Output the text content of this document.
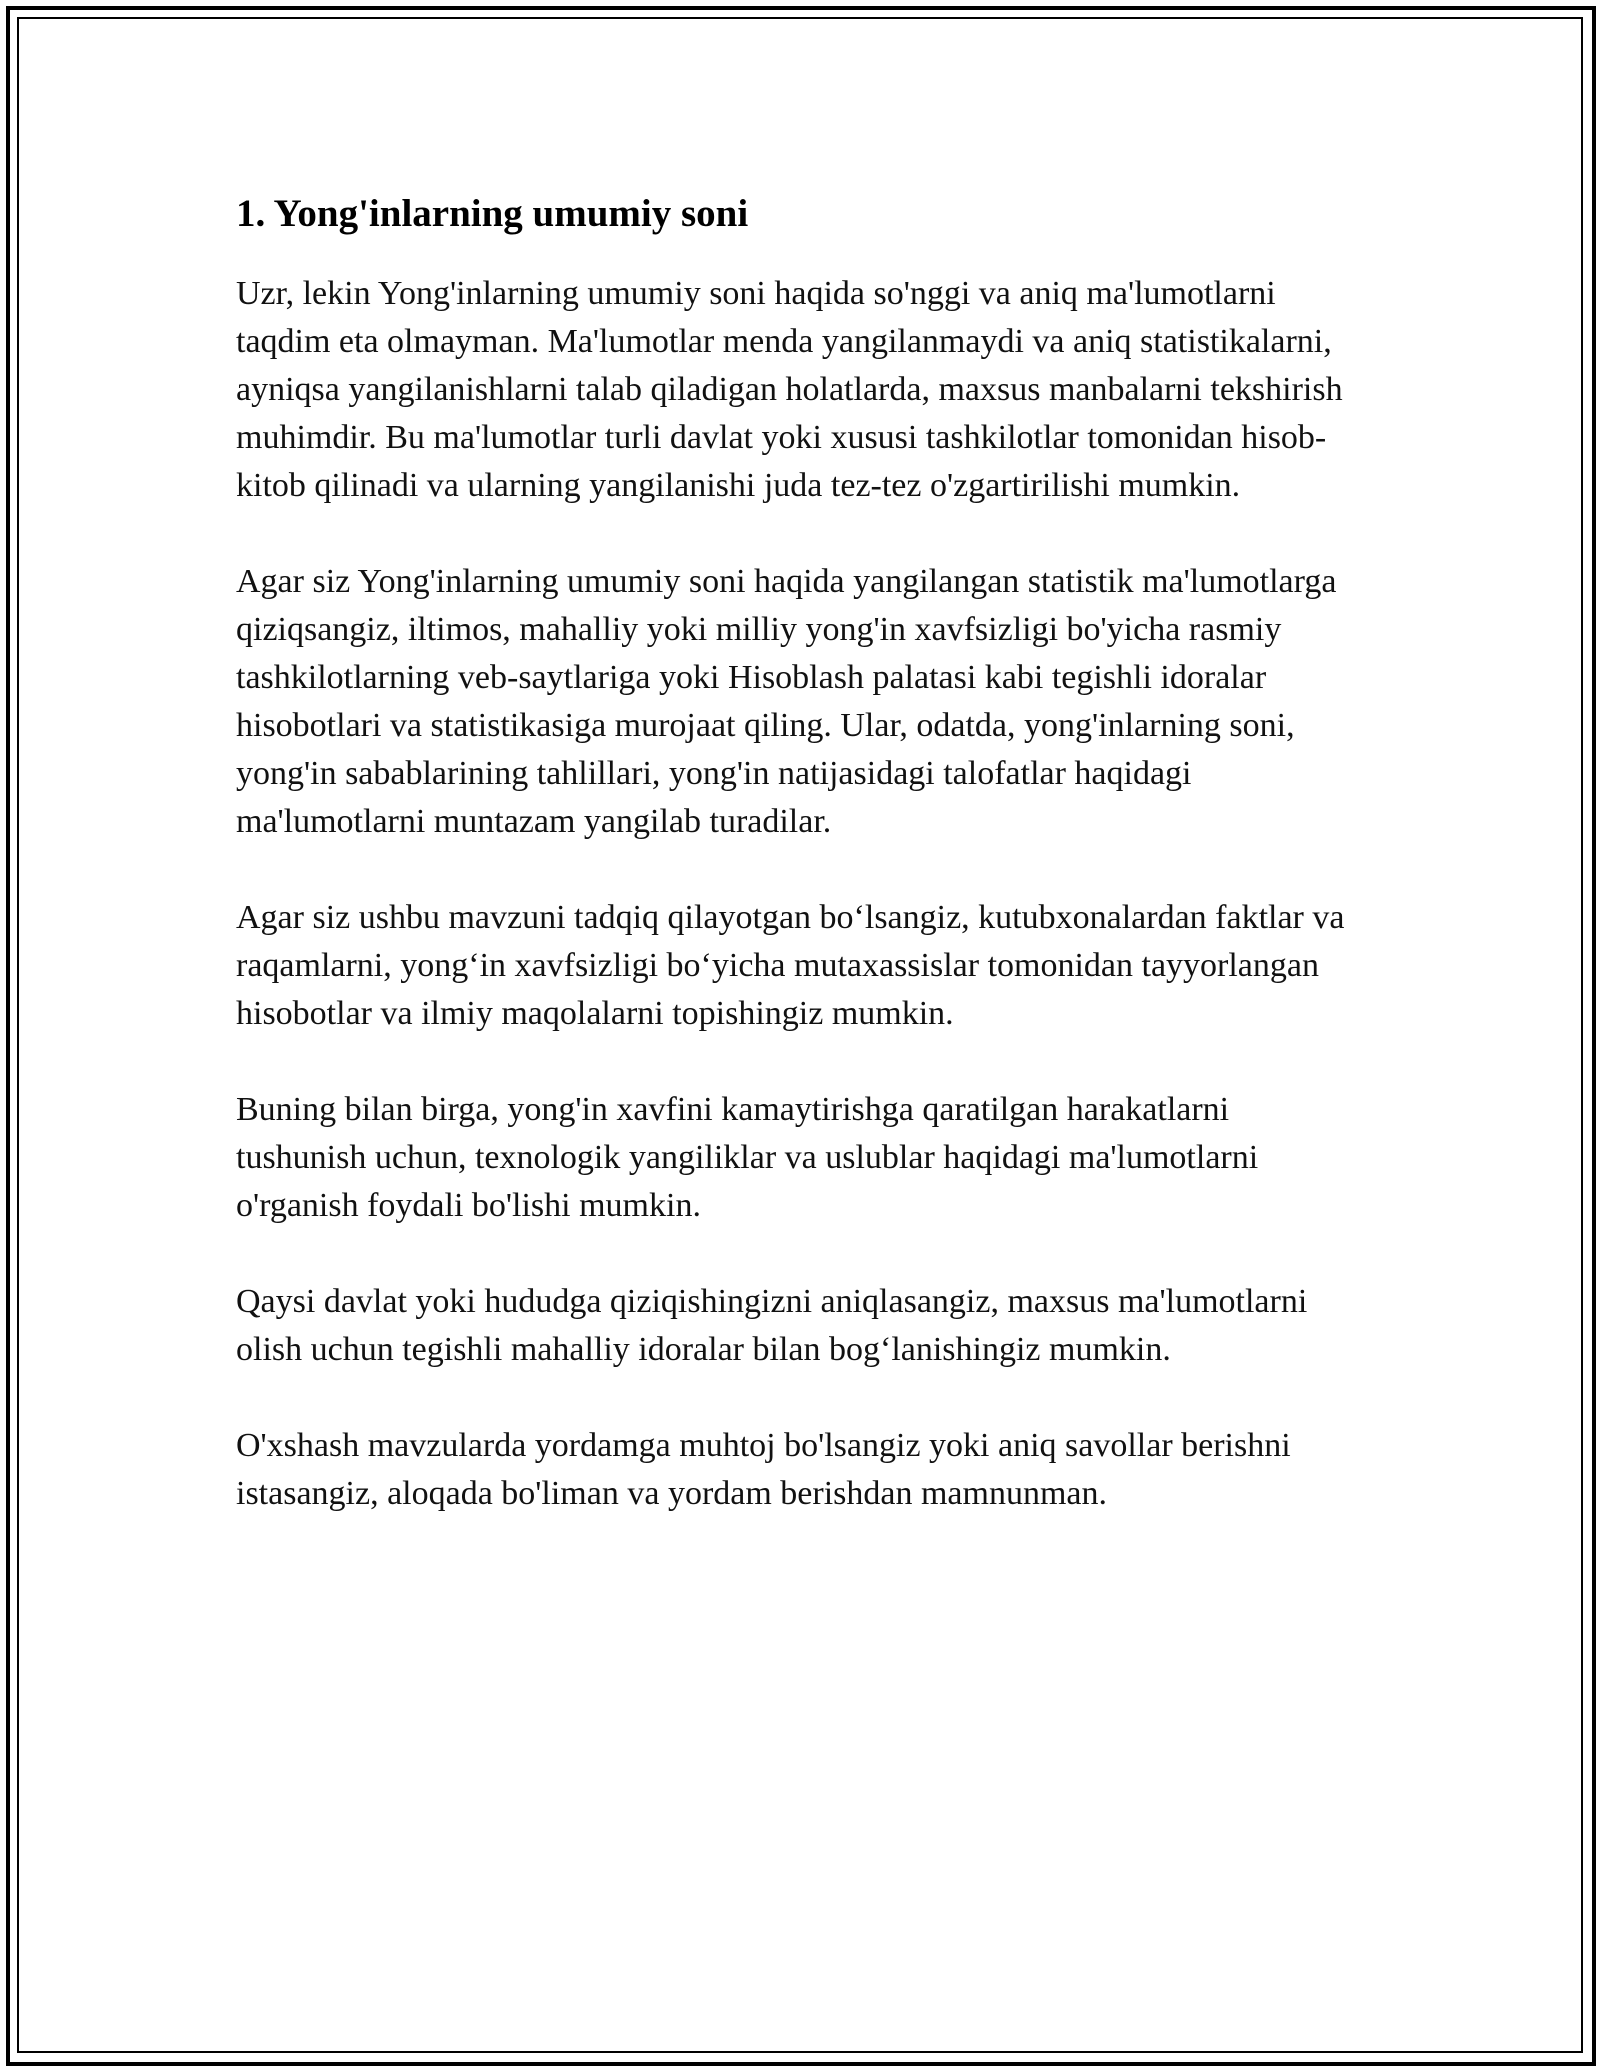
1. Yong'inlarning umumiy soni

Uzr, lekin Yong'inlarning umumiy soni haqida so'nggi va aniq ma'lumotlarni taqdim eta olmayman. Ma'lumotlar menda yangilanmaydi va aniq statistikalarni, ayniqsa yangilanishlarni talab qiladigan holatlarda, maxsus manbalarni tekshirish muhimdir. Bu ma'lumotlar turli davlat yoki xususi tashkilotlar tomonidan hisob-kitob qilinadi va ularning yangilanishi juda tez-tez o'zgartirilishi mumkin.

Agar siz Yong'inlarning umumiy soni haqida yangilangan statistik ma'lumotlarga qiziqsangiz, iltimos, mahalliy yoki milliy yong'in xavfsizligi bo'yicha rasmiy tashkilotlarning veb-saytlariga yoki Hisoblash palatasi kabi tegishli idoralar hisobotlari va statistikasiga murojaat qiling. Ular, odatda, yong'inlarning soni, yong'in sabablarining tahlillari, yong'in natijasidagi talofatlar haqidagi ma'lumotlarni muntazam yangilab turadilar.

Agar siz ushbu mavzuni tadqiq qilayotgan bo‘lsangiz, kutubxonalardan faktlar va raqamlarni, yong‘in xavfsizligi bo‘yicha mutaxassislar tomonidan tayyorlangan hisobotlar va ilmiy maqolalarni topishingiz mumkin.

Buning bilan birga, yong'in xavfini kamaytirishga qaratilgan harakatlarni tushunish uchun, texnologik yangiliklar va uslublar haqidagi ma'lumotlarni o'rganish foydali bo'lishi mumkin.

Qaysi davlat yoki hududga qiziqishingizni aniqlasangiz, maxsus ma'lumotlarni olish uchun tegishli mahalliy idoralar bilan bog‘lanishingiz mumkin.

O'xshash mavzularda yordamga muhtoj bo'lsangiz yoki aniq savollar berishni istasangiz, aloqada bo'liman va yordam berishdan mamnunman.
